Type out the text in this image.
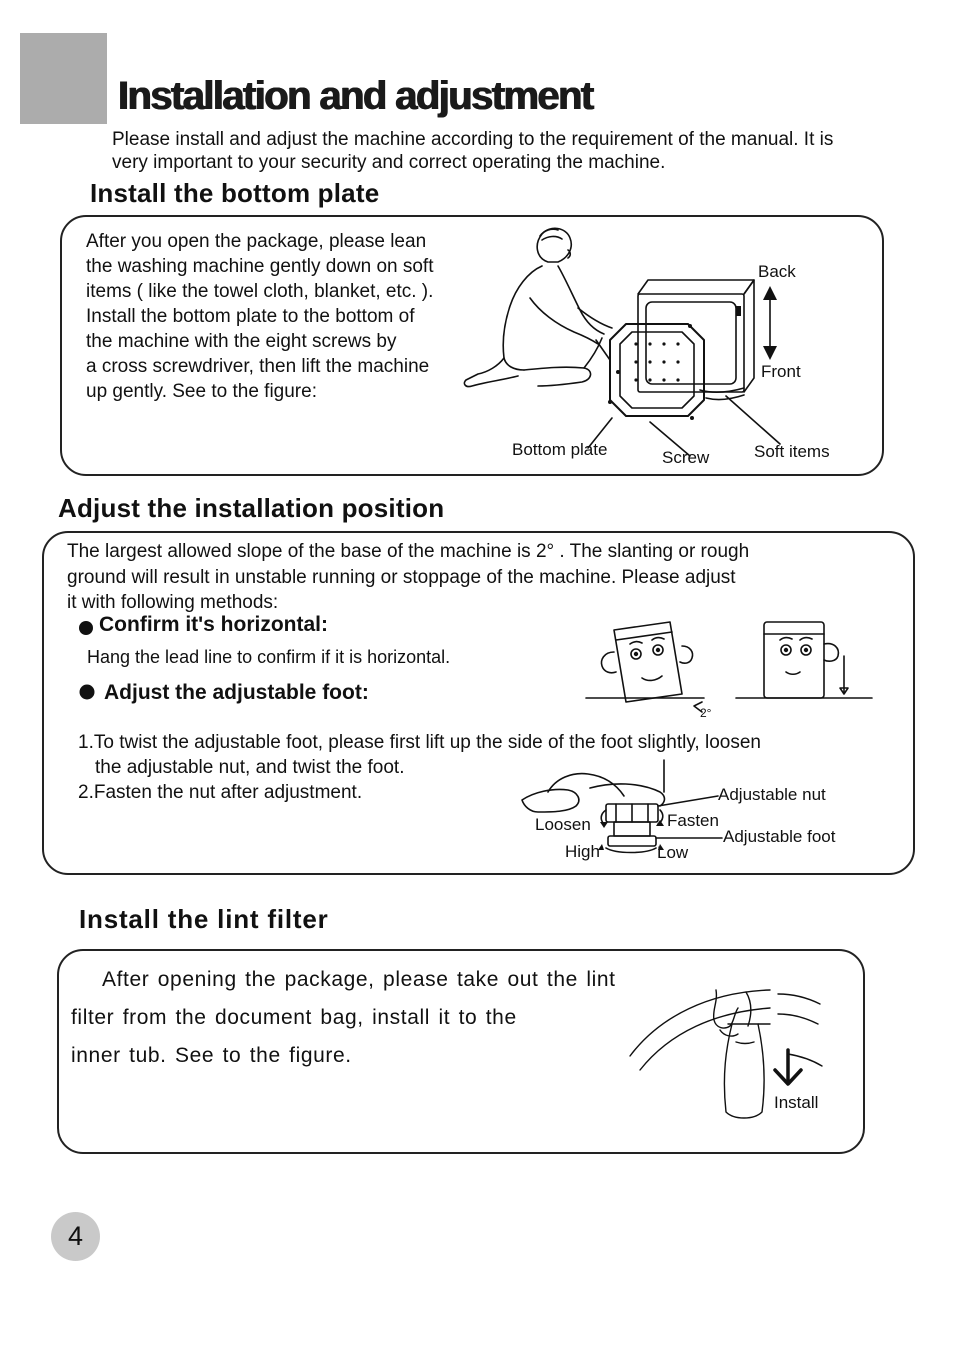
Installation and adjustment
Please install and adjust the machine according to the requirement of the manual. It is
very important to your security and correct operating the machine.
Install the bottom plate
After you open the package, please lean
the washing machine gently down on soft
items ( like the towel cloth, blanket, etc. ).
Install the bottom plate to the bottom of
the machine with the eight screws by
a cross screwdriver, then lift the machine
up gently. See to the figure:
Back
Front
Bottom plate	Screw	Soft items
Adjust the installation position
The largest allowed slope of the base of the machine is 2° . The slanting or rough
ground will result in unstable running or stoppage of the machine. Please adjust
it with following methods:
Confirm it's horizontal:
Hang the lead line to confirm if it is horizontal.
Adjust the adjustable foot:
2°
1.To twist the adjustable foot, please first lift up the side of the foot slightly, loosen
the adjustable nut, and twist the foot.
2.Fasten the nut after adjustment.	Adjustable nut
Loosen	Fasten
Adjustable foot
High	Low
Install the lint filter
After opening the package, please take out the lint
filter from the document bag, install it to the
inner tub. See to the figure.
Install
4
